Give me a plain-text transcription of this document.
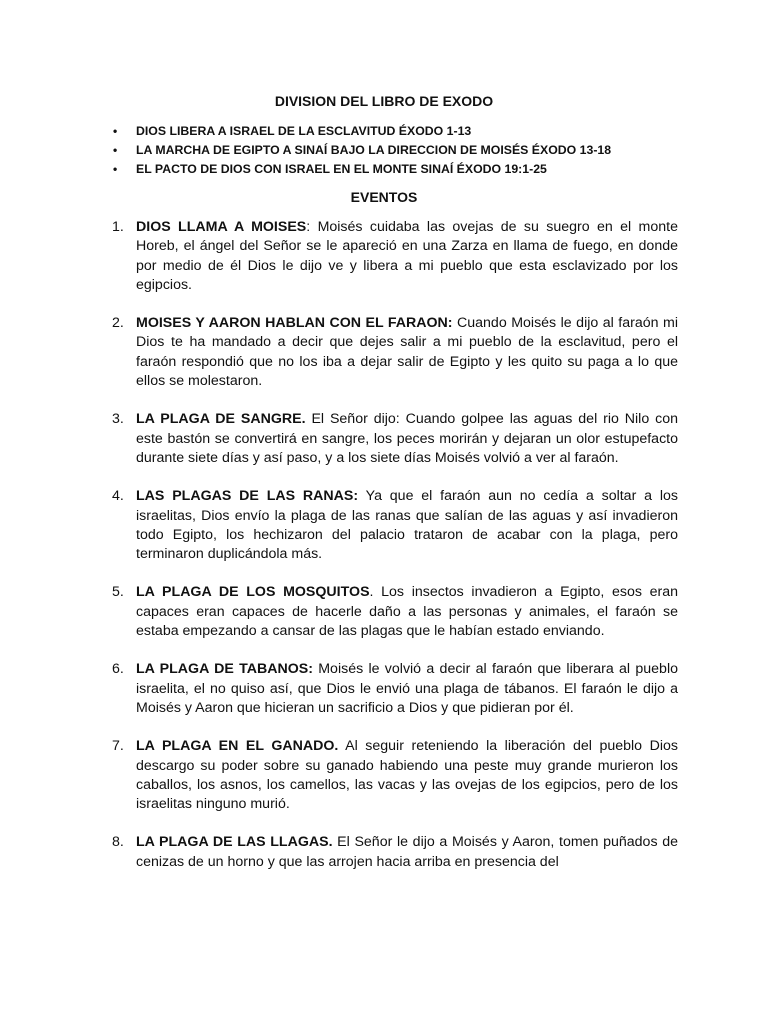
DIVISION DEL LIBRO DE EXODO
• DIOS LIBERA A ISRAEL DE LA ESCLAVITUD ÉXODO 1-13
• LA MARCHA DE EGIPTO A SINAÍ BAJO LA DIRECCION DE MOISÉS ÉXODO 13-18
• EL PACTO DE DIOS CON ISRAEL EN EL MONTE SINAÍ ÉXODO 19:1-25
EVENTOS
1. DIOS LLAMA A MOISES: Moisés cuidaba las ovejas de su suegro en el monte Horeb, el ángel del Señor se le apareció en una Zarza en llama de fuego, en donde por medio de él Dios le dijo ve y libera a mi pueblo que esta esclavizado por los egipcios.
2. MOISES Y AARON HABLAN CON EL FARAON: Cuando Moisés le dijo al faraón mi Dios te ha mandado a decir que dejes salir a mi pueblo de la esclavitud, pero el faraón respondió que no los iba a dejar salir de Egipto y les quito su paga a lo que ellos se molestaron.
3. LA PLAGA DE SANGRE. El Señor dijo: Cuando golpee las aguas del rio Nilo con este bastón se convertirá en sangre, los peces morirán y dejaran un olor estupefacto durante siete días y así paso, y a los siete días Moisés volvió a ver al faraón.
4. LAS PLAGAS DE LAS RANAS: Ya que el faraón aun no cedía a soltar a los israelitas, Dios envío la plaga de las ranas que salían de las aguas y así invadieron todo Egipto, los hechizaron del palacio trataron de acabar con la plaga, pero terminaron duplicándola más.
5. LA PLAGA DE LOS MOSQUITOS. Los insectos invadieron a Egipto, esos eran capaces eran capaces de hacerle daño a las personas y animales, el faraón se estaba empezando a cansar de las plagas que le habían estado enviando.
6. LA PLAGA DE TABANOS: Moisés le volvió a decir al faraón que liberara al pueblo israelita, el no quiso así, que Dios le envió una plaga de tábanos. El faraón le dijo a Moisés y Aaron que hicieran un sacrificio a Dios y que pidieran por él.
7. LA PLAGA EN EL GANADO. Al seguir reteniendo la liberación del pueblo Dios descargo su poder sobre su ganado habiendo una peste muy grande murieron los caballos, los asnos, los camellos, las vacas y las ovejas de los egipcios, pero de los israelitas ninguno murió.
8. LA PLAGA DE LAS LLAGAS. El Señor le dijo a Moisés y Aaron, tomen puñados de cenizas de un horno y que las arrojen hacia arriba en presencia del
